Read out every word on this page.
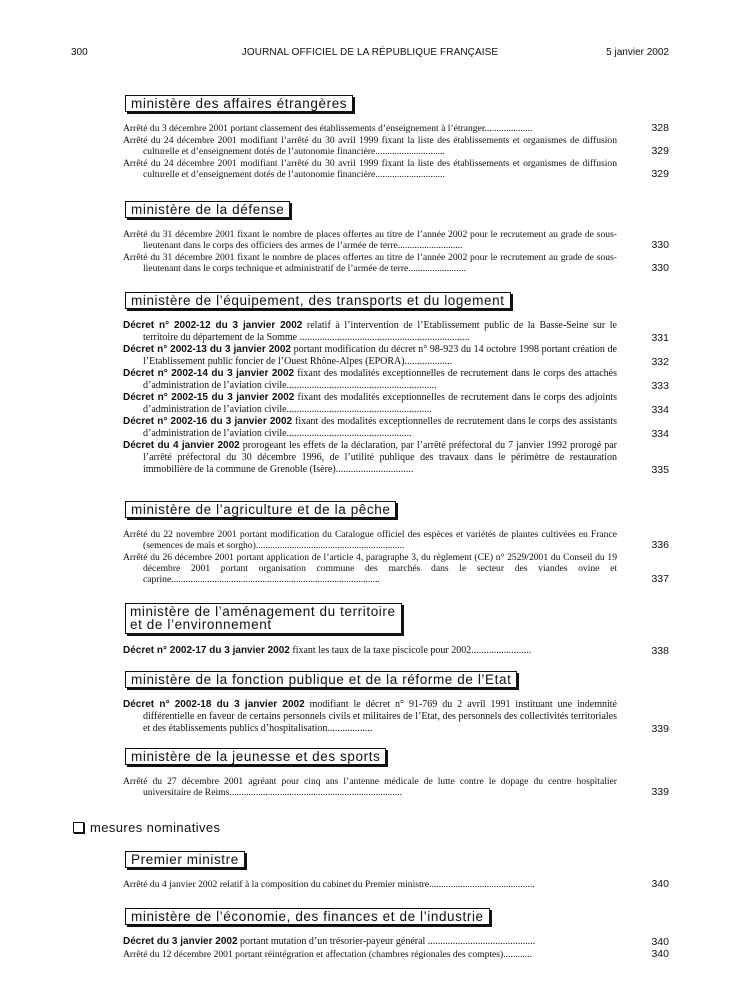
300	JOURNAL OFFICIEL DE LA RÉPUBLIQUE FRANÇAISE	5 janvier 2002
ministère des affaires étrangères
Arrêté du 3 décembre 2001 portant classement des établissements d’enseignement à l’étranger....................	328
Arrêté du 24 décembre 2001 modifiant l’arrêté du 30 avril 1999 fixant la liste des établissements et organismes de diffusion culturelle et d’enseignement dotés de l’autonomie financière.............................	329
Arrêté du 24 décembre 2001 modifiant l’arrêté du 30 avril 1999 fixant la liste des établissements et organismes de diffusion culturelle et d’enseignement dotés de l’autonomie financière.............................	329
ministère de la défense
Arrêté du 31 décembre 2001 fixant le nombre de places offertes au titre de l’année 2002 pour le recrutement au grade de sous-lieutenant dans le corps des officiers des armes de l’armée de terre...........................	330
Arrêté du 31 décembre 2001 fixant le nombre de places offertes au titre de l’année 2002 pour le recrutement au grade de sous-lieutenant dans le corps technique et administratif de l’armée de terre........................	330
ministère de l’équipement, des transports et du logement
Décret n° 2002-12 du 3 janvier 2002 relatif à l’intervention de l’Etablissement public de la Basse-Seine sur le territoire du département de la Somme ....................................................................	331
Décret n° 2002-13 du 3 janvier 2002 portant modification du décret n° 98-923 du 14 octobre 1998 portant création de l’Etablissement public foncier de l’Ouest Rhône-Alpes (EPORA)...................	332
Décret n° 2002-14 du 3 janvier 2002 fixant des modalités exceptionnelles de recrutement dans le corps des attachés d’administration de l’aviation civile............................................................	333
Décret n° 2002-15 du 3 janvier 2002 fixant des modalités exceptionnelles de recrutement dans le corps des adjoints d’administration de l’aviation civile..........................................................	334
Décret n° 2002-16 du 3 janvier 2002 fixant des modalités exceptionnelles de recrutement dans le corps des assistants d’administration de l’aviation civile..................................................	334
Décret du 4 janvier 2002 prorogeant les effets de la déclaration, par l’arrêté préfectoral du 7 janvier 1992 prorogé par l’arrêté préfectoral du 30 décembre 1996, de l’utilité publique des travaux dans le périmètre de restauration immobilière de la commune de Grenoble (Isère)...............................	335
ministère de l’agriculture et de la pêche
Arrêté du 22 novembre 2001 portant modification du Catalogue officiel des espèces et variétés de plantes cultivées en France (semences de maïs et sorgho)..............................................................	336
Arrêté du 26 décembre 2001 portant application de l’article 4, paragraphe 3, du règlement (CE) n° 2529/2001 du Conseil du 19 décembre 2001 portant organisation commune des marchés dans le secteur des viandes ovine et caprine.......................................................................................	337
ministère de l’aménagement du territoire
et de l’environnement
Décret n° 2002-17 du 3 janvier 2002 fixant les taux de la taxe piscicole pour 2002........................	338
ministère de la fonction publique et de la réforme de l’Etat
Décret n° 2002-18 du 3 janvier 2002 modifiant le décret n° 91-769 du 2 avril 1991 instituant une indemnité différentielle en faveur de certains personnels civils et militaires de l’Etat, des personnels des collectivités territoriales et des établissements publics d’hospitalisation..................	339
ministère de la jeunesse et des sports
Arrêté du 27 décembre 2001 agréant pour cinq ans l’antenne médicale de lutte contre le dopage du centre hospitalier universitaire de Reims........................................................................	339
mesures nominatives
Premier ministre
Arrêté du 4 janvier 2002 relatif à la composition du cabinet du Premier ministre............................................	340
ministère de l’économie, des finances et de l’industrie
Décret du 3 janvier 2002 portant mutation d’un trésorier-payeur général ...........................................	340
Arrêté du 12 décembre 2001 portant réintégration et affectation (chambres régionales des comptes)............	340
